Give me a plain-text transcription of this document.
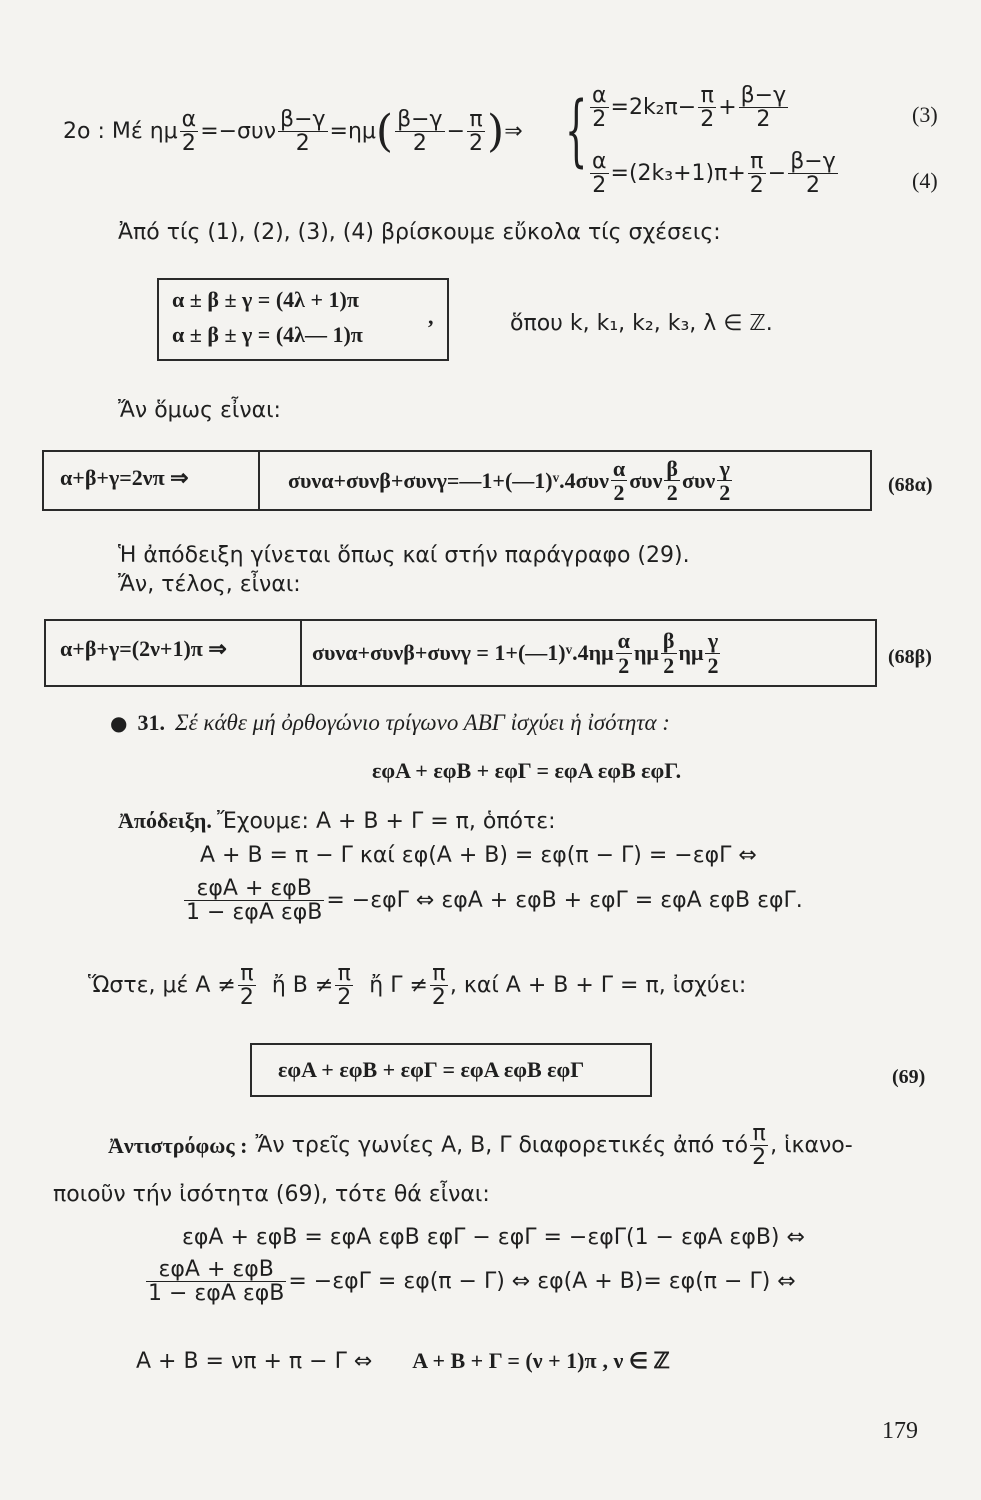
2ο : Μέ ημ $\frac{\alpha}{2} =-\sigma\upsilon\nu \frac{\beta-\gamma}{2} =\eta\mu$ ( β−γ
$2 - \frac{\pi}{2}$ ) ⇒ { $\frac{\alpha}{2} =2k_2\pi- \frac{\pi}{2} + \frac{\beta-\gamma}{2}$	(3)
$\frac{\alpha}{2} =(2k_3+1)\pi+ \frac{\pi}{2} - \frac{\beta-\gamma}{2}$	(4)
Ἀπό τίς (1), (2), (3), (4) βρίσκουμε εὔκολα τίς σχέσεις:
α ± β ± γ = (4λ + 1)π
α ± β ± γ = (4λ— 1)π
,	ὅπου k, k₁, k₂, k₃, λ ∈ ℤ.
Ἄν ὅμως εἶναι:
α+β+γ=2νπ ⇒	συνα+συνβ+συνγ=—1+(—1)ᵛ.4συν α
2 συν β
2 συν γ
2	(68α)
Ἡ ἀπόδειξη γίνεται ὅπως καί στήν παράγραφο (29).
Ἄν, τέλος, εἶναι:
α+β+γ=(2ν+1)π ⇒	συνα+συνβ+συνγ = 1+(—1)ᵛ.4ημ α
2 ημ β
2 ημ γ
2	(68β)
● 31. Σέ κάθε μή ὀρθογώνιο τρίγωνο ΑΒΓ ἰσχύει ἡ ἰσότητα :
εφΑ + εφΒ + εφΓ = εφΑ εφΒ εφΓ.
Ἀπόδειξη. Ἔχουμε: Α + Β + Γ = π, ὁπότε:
Α + Β = π − Γ καί εφ(Α + Β) = εφ(π − Γ) = −εφΓ ⇔
εφΑ + εφΒ
1 − εφΑ εφΒ = −εφΓ ⇔ εφΑ + εφΒ + εφΓ = εφΑ εφΒ εφΓ.
Ὥστε, μέ Α ≠ π
2 ἤ Β ≠ π
2 ἤ Γ ≠ π
2 , καί Α + Β + Γ = π, ἰσχύει:
εφΑ + εφΒ + εφΓ = εφΑ εφΒ εφΓ	(69)
Ἀντιστρόφως : Ἄν τρεῖς γωνίες Α, Β, Γ διαφορετικές ἀπό τό π
2 , ἱκανο-
ποιοῦν τήν ἰσότητα (69), τότε θά εἶναι:
εφΑ + εφΒ = εφΑ εφΒ εφΓ − εφΓ = −εφΓ(1 − εφΑ εφΒ) ⇔
εφΑ + εφΒ
1 − εφΑ εφΒ = −εφΓ = εφ(π − Γ) ⇔ εφ(Α + Β)= εφ(π − Γ) ⇔
Α + Β = νπ + π − Γ ⇔ Α + Β + Γ = (ν + 1)π , ν ∈ ℤ
179
